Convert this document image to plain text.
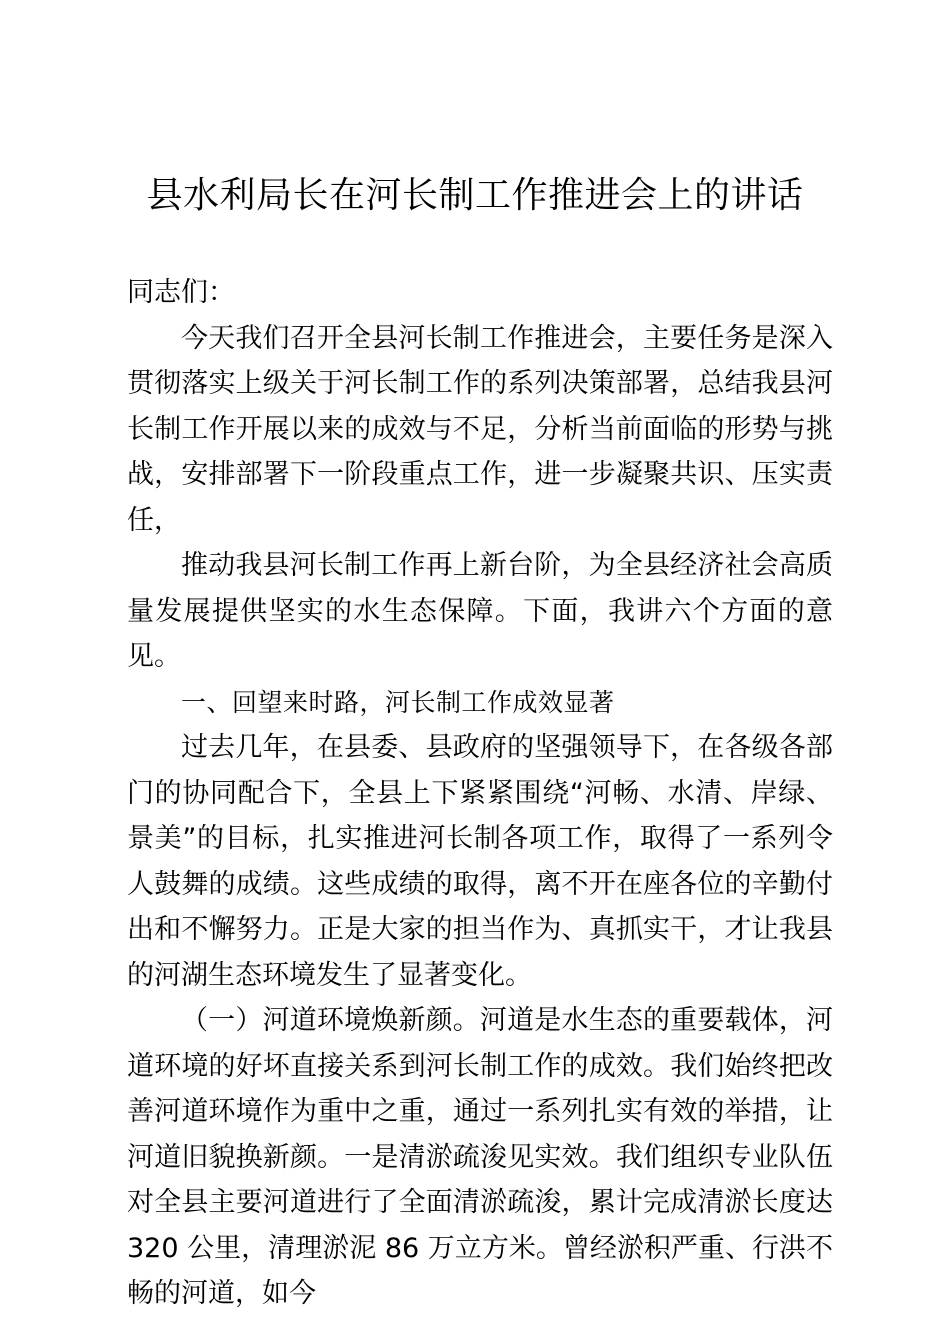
县水利局长在河长制工作推进会上的讲话

同志们：

今天我们召开全县河长制工作推进会，主要任务是深入贯彻落实上级关于河长制工作的系列决策部署，总结我县河长制工作开展以来的成效与不足，分析当前面临的形势与挑战，安排部署下一阶段重点工作，进一步凝聚共识、压实责任，

推动我县河长制工作再上新台阶，为全县经济社会高质量发展提供坚实的水生态保障。下面，我讲六个方面的意见。

一、回望来时路，河长制工作成效显著

过去几年，在县委、县政府的坚强领导下，在各级各部门的协同配合下，全县上下紧紧围绕“河畅、水清、岸绿、景美”的目标，扎实推进河长制各项工作，取得了一系列令人鼓舞的成绩。这些成绩的取得，离不开在座各位的辛勤付出和不懈努力。正是大家的担当作为、真抓实干，才让我县的河湖生态环境发生了显著变化。

（一）河道环境焕新颜。河道是水生态的重要载体，河道环境的好坏直接关系到河长制工作的成效。我们始终把改善河道环境作为重中之重，通过一系列扎实有效的举措，让河道旧貌换新颜。一是清淤疏浚见实效。我们组织专业队伍对全县主要河道进行了全面清淤疏浚，累计完成清淤长度达 320 公里，清理淤泥 86 万立方米。曾经淤积严重、行洪不畅的河道，如今
